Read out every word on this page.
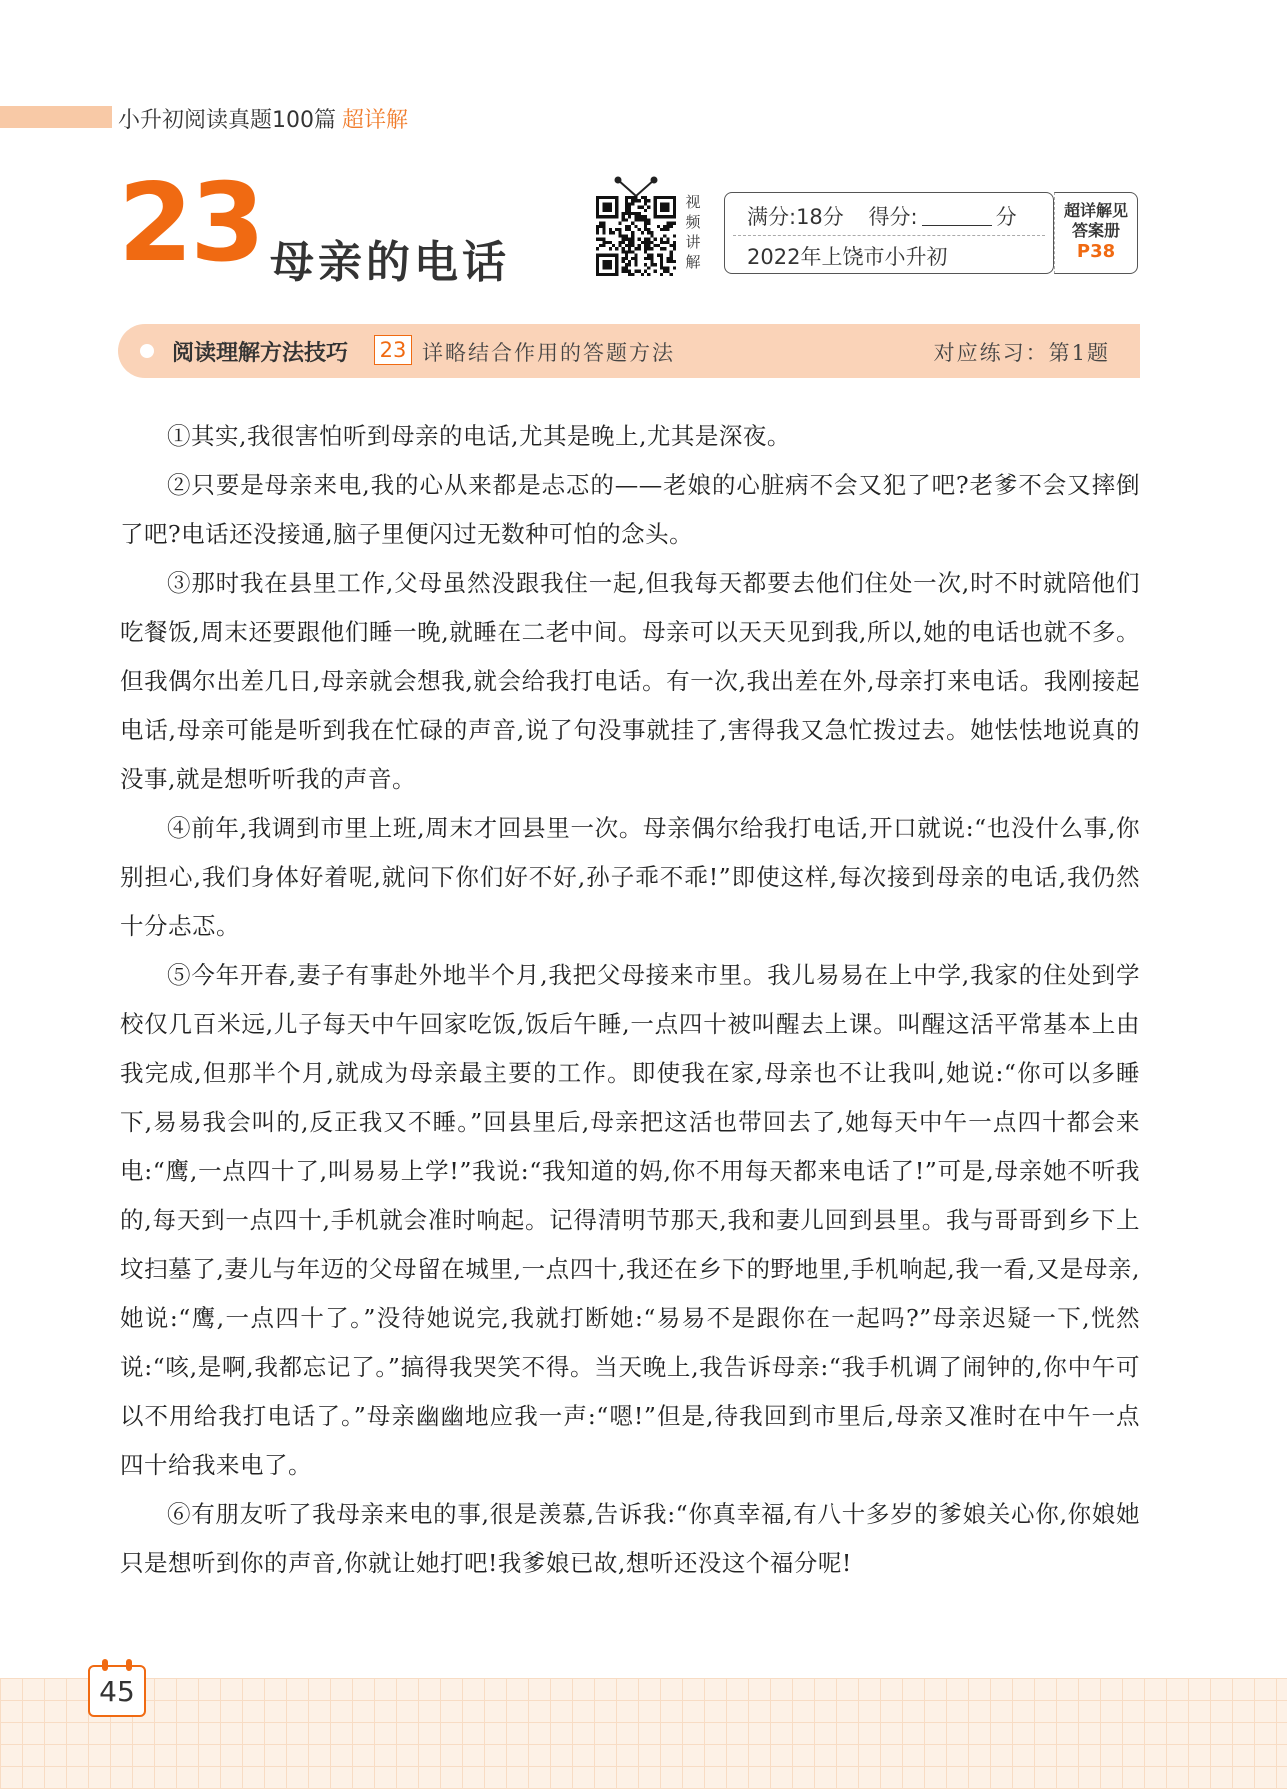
小升初阅读真题100篇 超详解
23 母亲的电话
视
频
讲
解
满分:18分 得分:	分
2022年上饶市小升初
超详解见
答案册
P38
阅读理解方法技巧 23 详略结合作用的答题方法	对应练习：第1题

①其实,我很害怕听到母亲的电话,尤其是晚上,尤其是深夜。

②只要是母亲来电,我的心从来都是忐忑的——老娘的心脏病不会又犯了吧?老爹不会又摔倒了吧?电话还没接通,脑子里便闪过无数种可怕的念头。

③那时我在县里工作,父母虽然没跟我住一起,但我每天都要去他们住处一次,时不时就陪他们吃餐饭,周末还要跟他们睡一晚,就睡在二老中间。母亲可以天天见到我,所以,她的电话也就不多。但我偶尔出差几日,母亲就会想我,就会给我打电话。有一次,我出差在外,母亲打来电话。我刚接起电话,母亲可能是听到我在忙碌的声音,说了句没事就挂了,害得我又急忙拨过去。她怯怯地说真的没事,就是想听听我的声音。

④前年,我调到市里上班,周末才回县里一次。母亲偶尔给我打电话,开口就说:“也没什么事,你别担心,我们身体好着呢,就问下你们好不好,孙子乖不乖!”即使这样,每次接到母亲的电话,我仍然十分忐忑。

⑤今年开春,妻子有事赴外地半个月,我把父母接来市里。我儿易易在上中学,我家的住处到学校仅几百米远,儿子每天中午回家吃饭,饭后午睡,一点四十被叫醒去上课。叫醒这活平常基本上由我完成,但那半个月,就成为母亲最主要的工作。即使我在家,母亲也不让我叫,她说:“你可以多睡下,易易我会叫的,反正我又不睡。”回县里后,母亲把这活也带回去了,她每天中午一点四十都会来电:“鹰,一点四十了,叫易易上学!”我说:“我知道的妈,你不用每天都来电话了!”可是,母亲她不听我的,每天到一点四十,手机就会准时响起。记得清明节那天,我和妻儿回到县里。我与哥哥到乡下上坟扫墓了,妻儿与年迈的父母留在城里,一点四十,我还在乡下的野地里,手机响起,我一看,又是母亲,她说:“鹰,一点四十了。”没待她说完,我就打断她:“易易不是跟你在一起吗?”母亲迟疑一下,恍然说:“咳,是啊,我都忘记了。”搞得我哭笑不得。当天晚上,我告诉母亲:“我手机调了闹钟的,你中午可以不用给我打电话了。”母亲幽幽地应我一声:“嗯!”但是,待我回到市里后,母亲又准时在中午一点四十给我来电了。

⑥有朋友听了我母亲来电的事,很是羡慕,告诉我:“你真幸福,有八十多岁的爹娘关心你,你娘她只是想听到你的声音,你就让她打吧!我爹娘已故,想听还没这个福分呢!

45
